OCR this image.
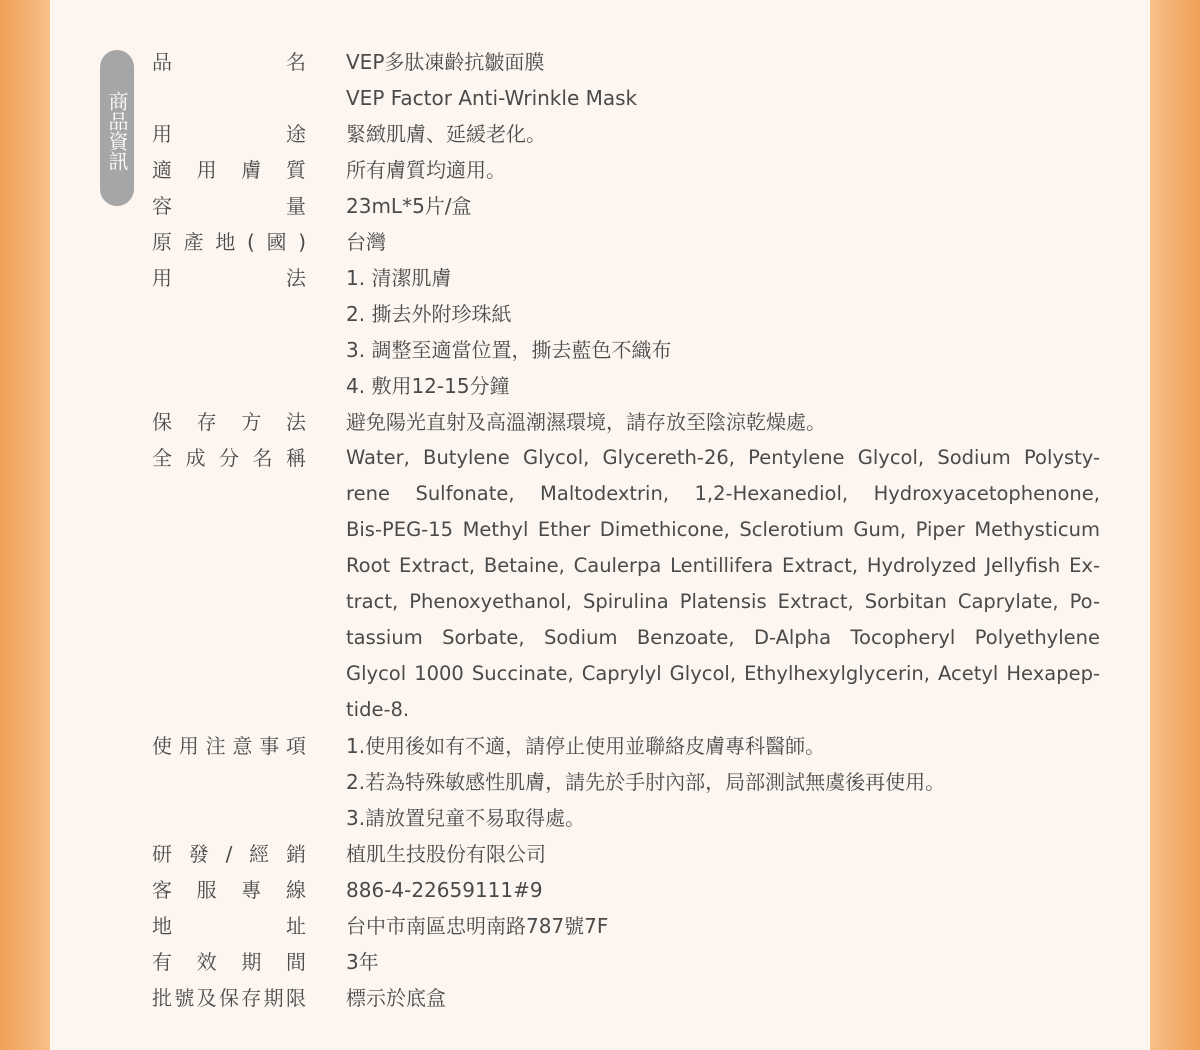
商品資訊
品名 VEP多肽凍齡抗皺面膜
VEP Factor Anti-Wrinkle Mask
用途 緊緻肌膚、延緩老化。
適用膚質 所有膚質均適用。
容量 23mL*5片/盒
原產地(國) 台灣
用法 1. 清潔肌膚
2. 撕去外附珍珠紙
3. 調整至適當位置，撕去藍色不織布
4. 敷用12-15分鐘
保存方法 避免陽光直射及高溫潮濕環境，請存放至陰涼乾燥處。
全成分名稱 Water, Butylene Glycol, Glycereth-26, Pentylene Glycol, Sodium Polysty-
rene Sulfonate, Maltodextrin, 1,2-Hexanediol, Hydroxyacetophenone,
Bis-PEG-15 Methyl Ether Dimethicone, Sclerotium Gum, Piper Methysticum
Root Extract, Betaine, Caulerpa Lentillifera Extract, Hydrolyzed Jellyfish Ex-
tract, Phenoxyethanol, Spirulina Platensis Extract, Sorbitan Caprylate, Po-
tassium Sorbate, Sodium Benzoate, D-Alpha Tocopheryl Polyethylene
Glycol 1000 Succinate, Caprylyl Glycol, Ethylhexylglycerin, Acetyl Hexapep-
tide-8.
使用注意事項 1.使用後如有不適，請停止使用並聯絡皮膚專科醫師。
2.若為特殊敏感性肌膚，請先於手肘內部，局部測試無虞後再使用。
3.請放置兒童不易取得處。
研發/經銷 植肌生技股份有限公司
客服專線 886-4-22659111#9
地址 台中市南區忠明南路787號7F
有效期間 3年
批號及保存期限 標示於底盒
